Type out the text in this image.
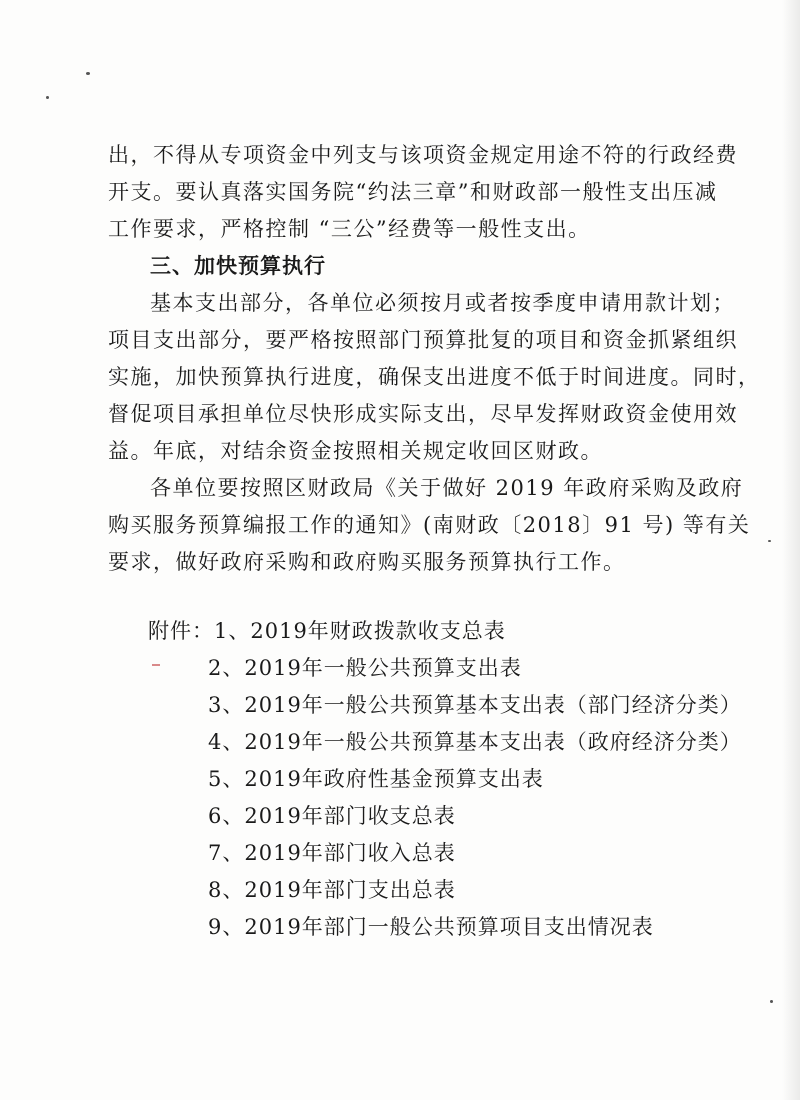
出，不得从专项资金中列支与该项资金规定用途不符的行政经费
开支。要认真落实国务院“约法三章”和财政部一般性支出压减
工作要求，严格控制 “三公”经费等一般性支出。
三、加快预算执行
基本支出部分，各单位必须按月或者按季度申请用款计划；
项目支出部分，要严格按照部门预算批复的项目和资金抓紧组织
实施，加快预算执行进度，确保支出进度不低于时间进度。同时，
督促项目承担单位尽快形成实际支出，尽早发挥财政资金使用效
益。年底，对结余资金按照相关规定收回区财政。
各单位要按照区财政局《关于做好 2019 年政府采购及政府
购买服务预算编报工作的通知》(南财政〔2018〕91 号) 等有关
要求，做好政府采购和政府购买服务预算执行工作。
附件：1、2019年财政拨款收支总表
2、2019年一般公共预算支出表
3、2019年一般公共预算基本支出表（部门经济分类）
4、2019年一般公共预算基本支出表（政府经济分类）
5、2019年政府性基金预算支出表
6、2019年部门收支总表
7、2019年部门收入总表
8、2019年部门支出总表
9、2019年部门一般公共预算项目支出情况表
